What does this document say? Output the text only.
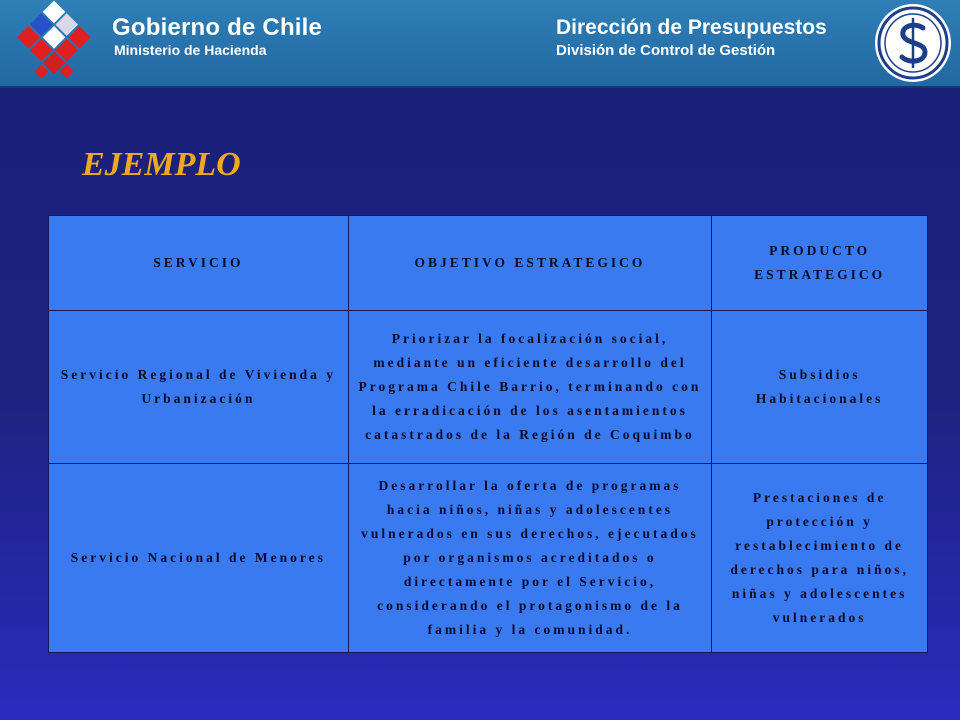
Gobierno de Chile
Ministerio de Hacienda
Dirección de Presupuestos
División de Control de Gestión
EJEMPLO
SERVICIO	OBJETIVO ESTRATEGICO	PRODUCTO ESTRATEGICO
Servicio Regional de Vivienda y Urbanización	Priorizar la focalización social, mediante un eficiente desarrollo del Programa Chile Barrio, terminando con la erradicación de los asentamientos catastrados de la Región de Coquimbo	Subsidios Habitacionales
Servicio Nacional de Menores	Desarrollar la oferta de programas hacia niños, niñas y adolescentes vulnerados en sus derechos, ejecutados por organismos acreditados o directamente por el Servicio, considerando el protagonismo de la familia y la comunidad.	Prestaciones de protección y restablecimiento de derechos para niños, niñas y adolescentes vulnerados
